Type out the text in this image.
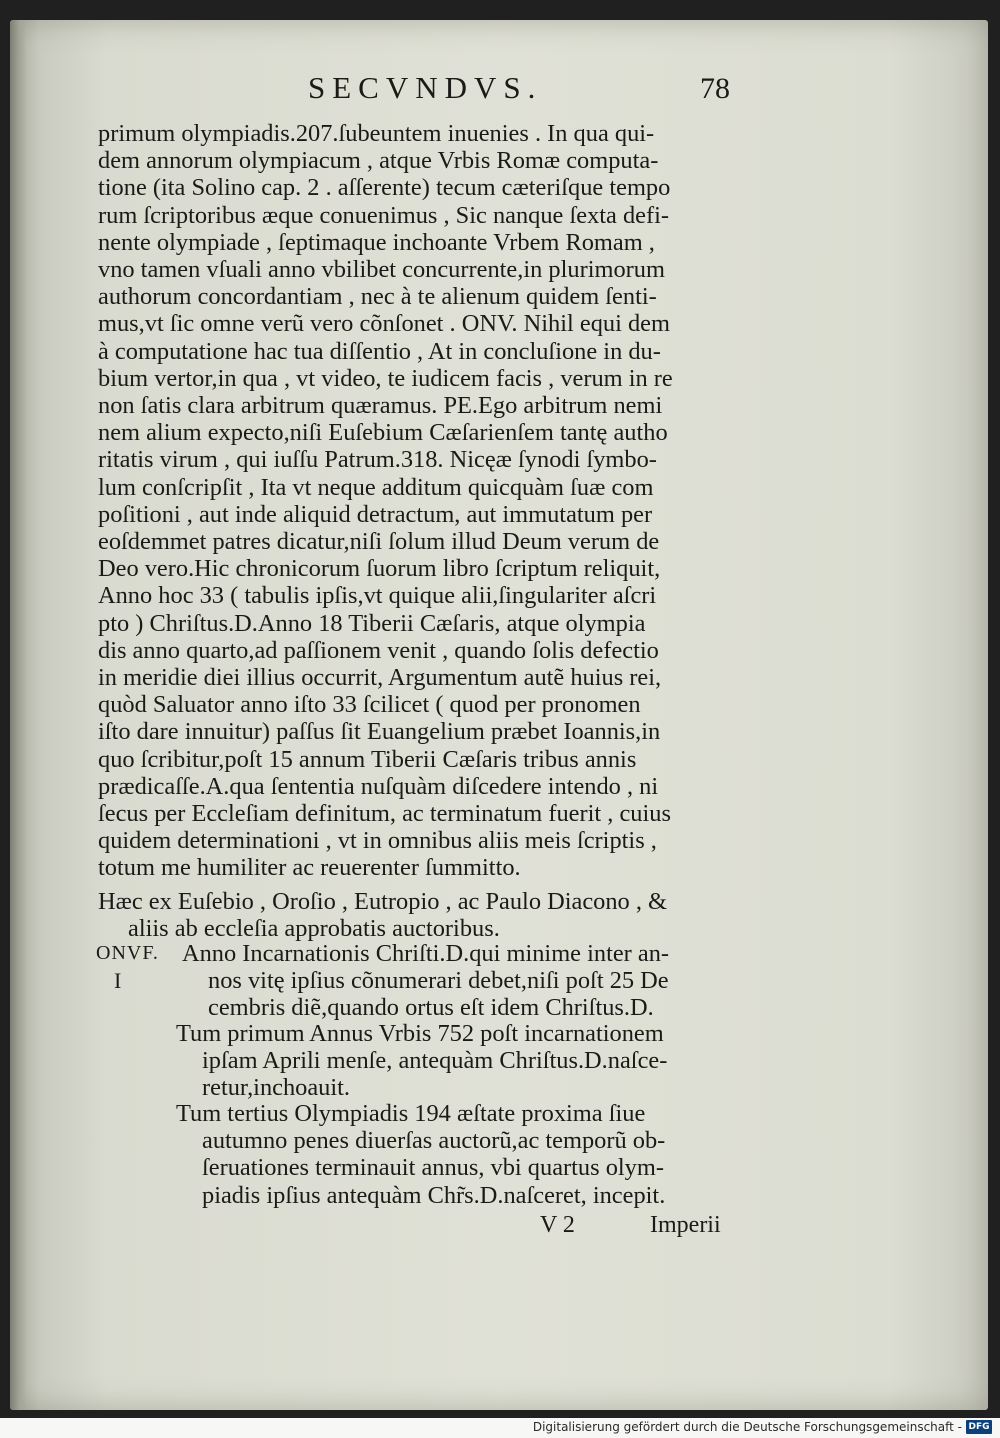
SECVNDVS.	78
primum olympiadis.207.ſubeuntem inuenies . In qua qui-
dem annorum olympiacum , atque Vrbis Romæ computa-
tione (ita Solino cap. 2 . aſſerente) tecum cæteriſque tempo
rum ſcriptoribus æque conuenimus , Sic nanque ſexta defi-
nente olympiade , ſeptimaque inchoante Vrbem Romam ,
vno tamen vſuali anno vbilibet concurrente,in plurimorum
authorum concordantiam , nec à te alienum quidem ſenti-
mus,vt ſic omne verũ vero cõnſonet . ONV. Nihil equi dem
à computatione hac tua diſſentio , At in concluſione in du-
bium vertor,in qua , vt video, te iudicem facis , verum in re
non ſatis clara arbitrum quæramus. PE.Ego arbitrum nemi
nem alium expecto,niſi Euſebium Cæſarienſem tantę autho
ritatis virum , qui iuſſu Patrum.318. Nicęæ ſynodi ſymbo-
lum conſcripſit , Ita vt neque additum quicquàm ſuæ com
poſitioni , aut inde aliquid detractum, aut immutatum per
eoſdemmet patres dicatur,niſi ſolum illud Deum verum de
Deo vero.Hic chronicorum ſuorum libro ſcriptum reliquit,
Anno hoc 33 ( tabulis ipſis,vt quique alii,ſingulariter aſcri
pto ) Chriſtus.D.Anno 18 Tiberii Cæſaris, atque olympia
dis anno quarto,ad paſſionem venit , quando ſolis defectio
in meridie diei illius occurrit, Argumentum autẽ huius rei,
quòd Saluator anno iſto 33 ſcilicet ( quod per pronomen
iſto dare innuitur) paſſus ſit Euangelium præbet Ioannis,in
quo ſcribitur,poſt 15 annum Tiberii Cæſaris tribus annis
prædicaſſe.A.qua ſententia nuſquàm diſcedere intendo , ni
ſecus per Eccleſiam definitum, ac terminatum fuerit , cuius
quidem determinationi , vt in omnibus aliis meis ſcriptis ,
totum me humiliter ac reuerenter ſummitto.
Hæc ex Euſebio , Oroſio , Eutropio , ac Paulo Diacono , &
aliis ab eccleſia approbatis auctoribus.
ONVF.
I
Anno Incarnationis Chriſti.D.qui minime inter an-
nos vitę ipſius cõnumerari debet,niſi poſt 25 De
cembris diẽ,quando ortus eſt idem Chriſtus.D.
Tum primum Annus Vrbis 752 poſt incarnationem
ipſam Aprili menſe, antequàm Chriſtus.D.naſce-
retur,inchoauit.
Tum tertius Olympiadis 194 æſtate proxima ſiue
autumno penes diuerſas auctorũ,ac temporũ ob-
ſeruationes terminauit annus, vbi quartus olym-
piadis ipſius antequàm Chr̃s.D.naſceret, incepit.
V 2	Imperii
Digitalisierung gefördert durch die Deutsche Forschungsgemeinschaft - DFG
